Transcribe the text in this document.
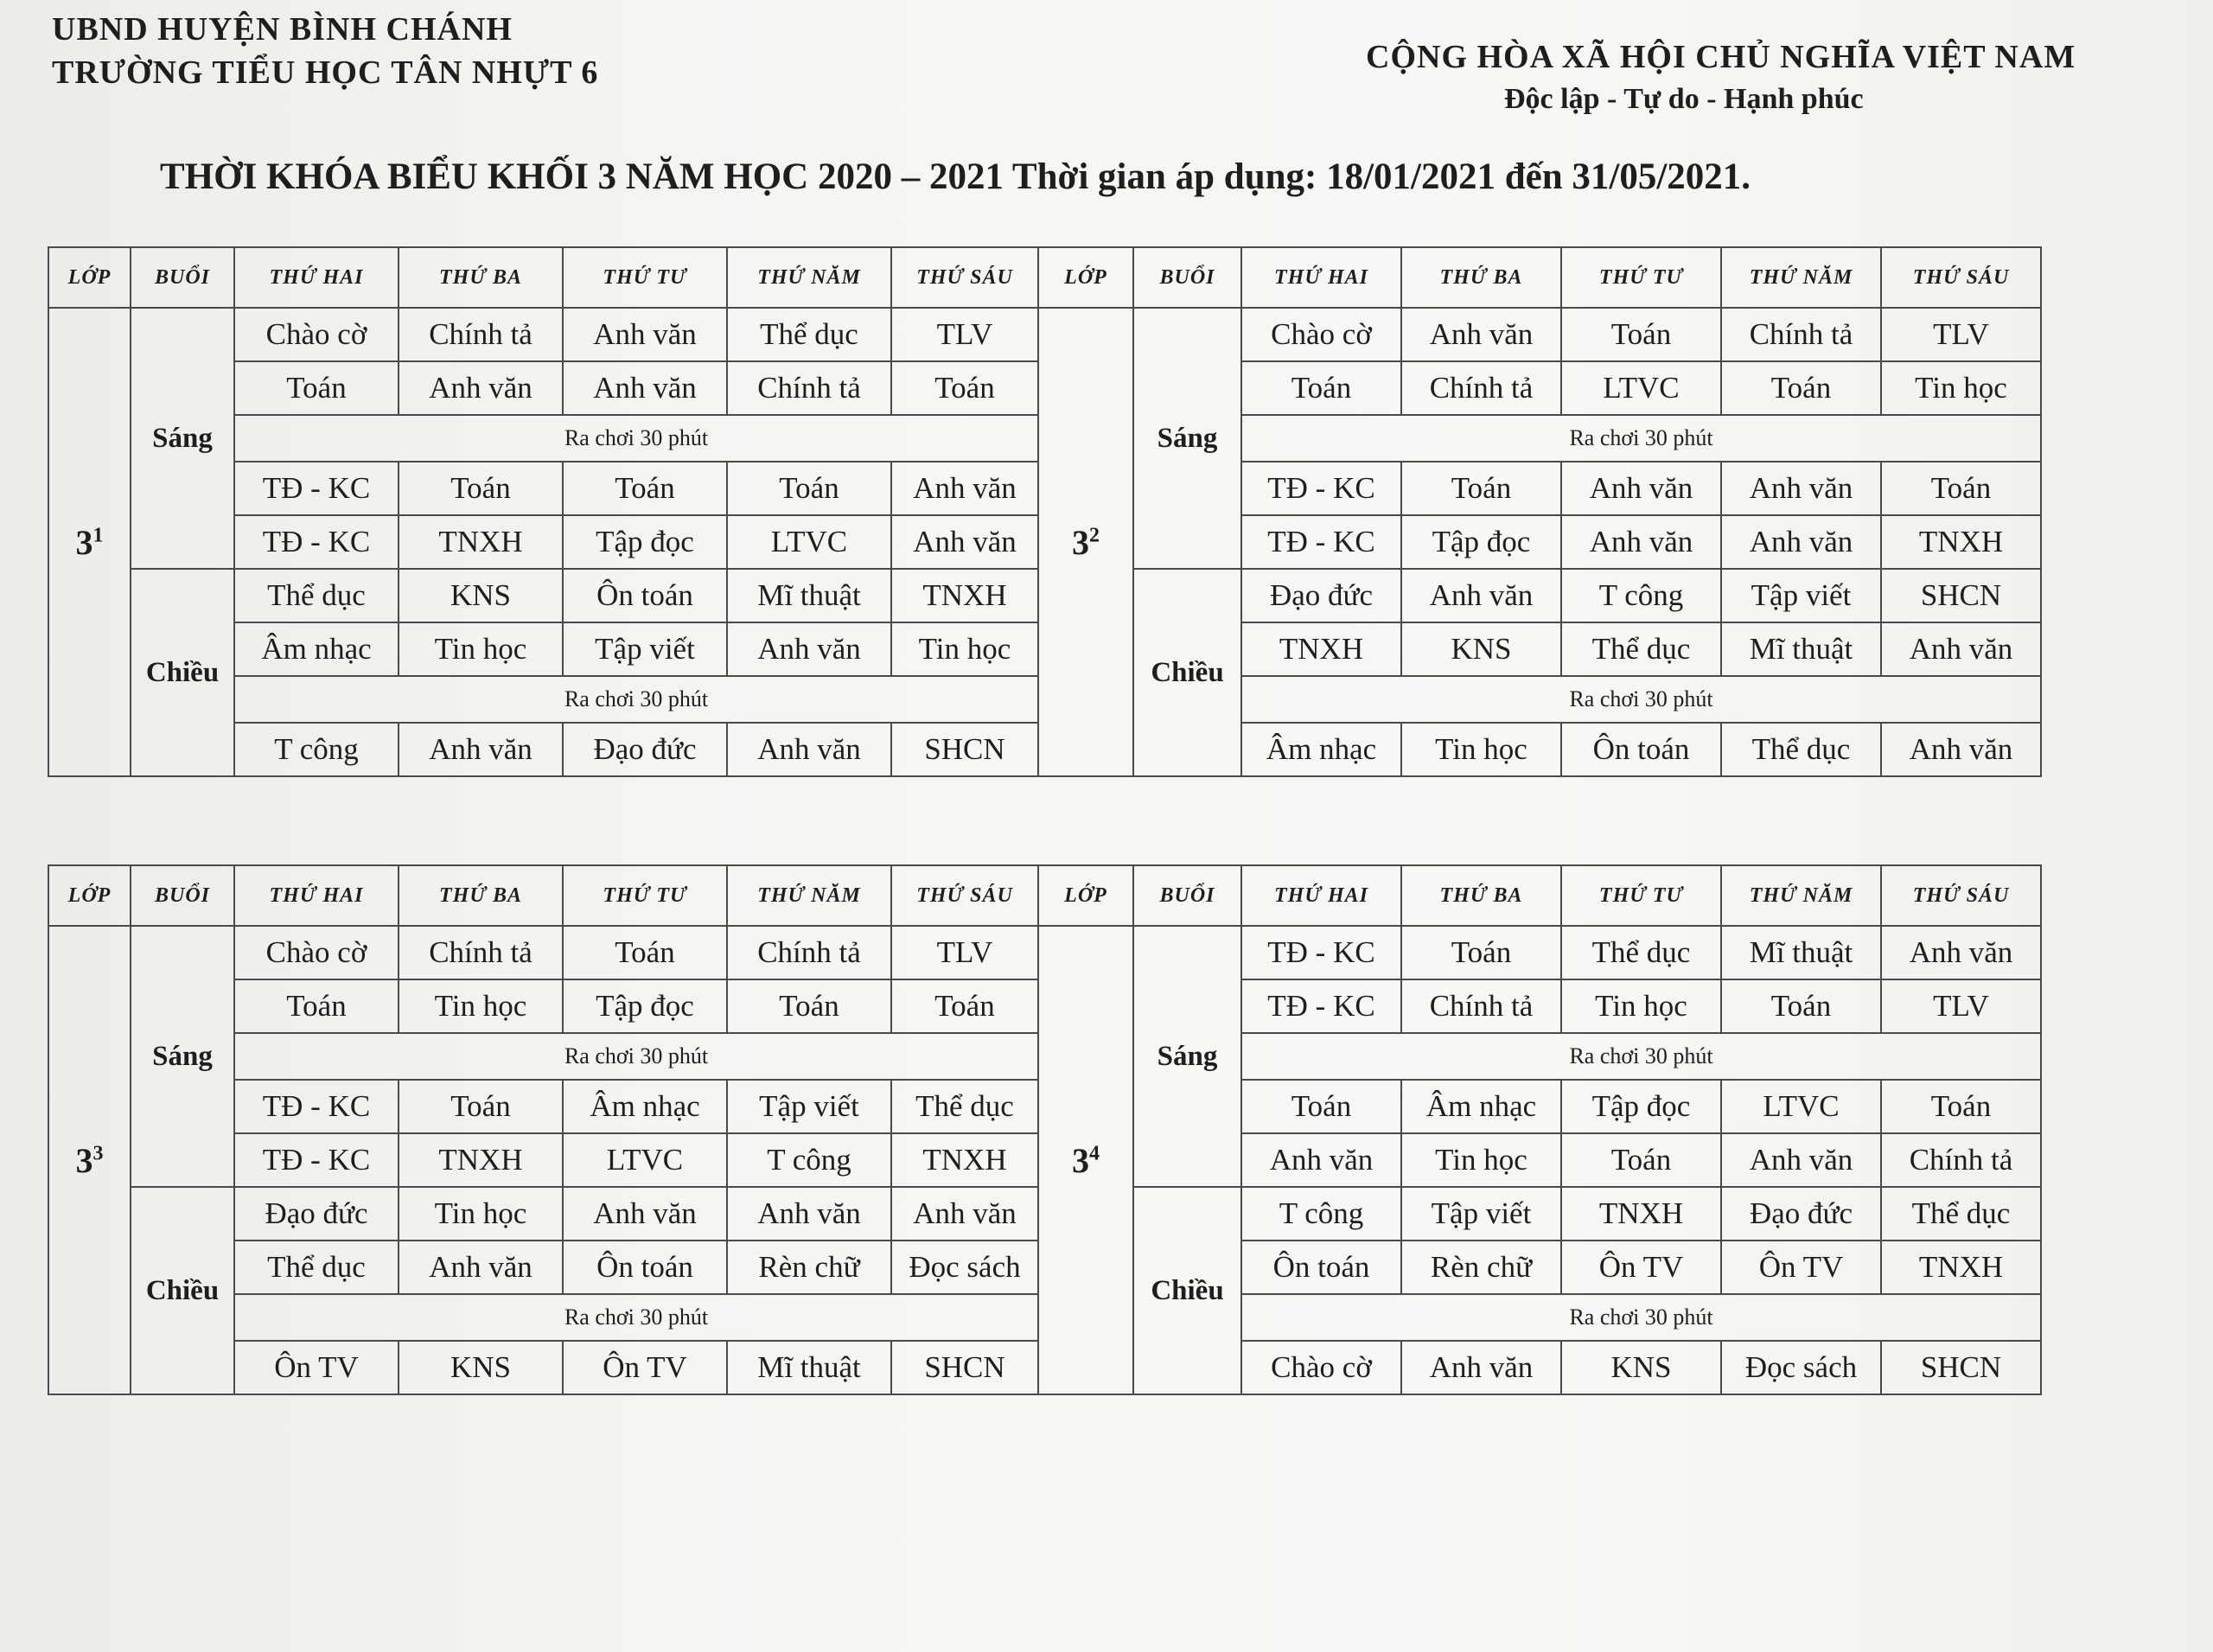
UBND HUYỆN BÌNH CHÁNH
TRƯỜNG TIỂU HỌC TÂN NHỰT 6	CỘNG HÒA XÃ HỘI CHỦ NGHĨA VIỆT NAM
Độc lập - Tự do - Hạnh phúc
THỜI KHÓA BIỂU KHỐI 3 NĂM HỌC 2020 – 2021 Thời gian áp dụng: 18/01/2021 đến 31/05/2021.
LỚP	BUỔI	THỨ HAI	THỨ BA	THỨ TƯ	THỨ NĂM	THỨ SÁU	LỚP	BUỔI	THỨ HAI	THỨ BA	THỨ TƯ	THỨ NĂM	THỨ SÁU
$3^1$	Sáng	Chào cờ	Chính tả	Anh văn	Thể dục	TLV	$3^2$	Sáng	Chào cờ	Anh văn	Toán	Chính tả	TLV
		Toán	Anh văn	Anh văn	Chính tả	Toán			Toán	Chính tả	LTVC	Toán	Tin học
		Ra chơi 30 phút							Ra chơi 30 phút				
		TĐ - KC	Toán	Toán	Toán	Anh văn			TĐ - KC	Toán	Anh văn	Anh văn	Toán
		TĐ - KC	TNXH	Tập đọc	LTVC	Anh văn			TĐ - KC	Tập đọc	Anh văn	Anh văn	TNXH
	Chiều	Thể dục	KNS	Ôn toán	Mĩ thuật	TNXH		Chiều	Đạo đức	Anh văn	T công	Tập viết	SHCN
		Âm nhạc	Tin học	Tập viết	Anh văn	Tin học			TNXH	KNS	Thể dục	Mĩ thuật	Anh văn
		Ra chơi 30 phút							Ra chơi 30 phút				
		T công	Anh văn	Đạo đức	Anh văn	SHCN			Âm nhạc	Tin học	Ôn toán	Thể dục	Anh văn
LỚP	BUỔI	THỨ HAI	THỨ BA	THỨ TƯ	THỨ NĂM	THỨ SÁU	LỚP	BUỔI	THỨ HAI	THỨ BA	THỨ TƯ	THỨ NĂM	THỨ SÁU
$3^3$	Sáng	Chào cờ	Chính tả	Toán	Chính tả	TLV	$3^4$	Sáng	TĐ - KC	Toán	Thể dục	Mĩ thuật	Anh văn
		Toán	Tin học	Tập đọc	Toán	Toán			TĐ - KC	Chính tả	Tin học	Toán	TLV
		Ra chơi 30 phút							Ra chơi 30 phút				
		TĐ - KC	Toán	Âm nhạc	Tập viết	Thể dục			Toán	Âm nhạc	Tập đọc	LTVC	Toán
		TĐ - KC	TNXH	LTVC	T công	TNXH			Anh văn	Tin học	Toán	Anh văn	Chính tả
	Chiều	Đạo đức	Tin học	Anh văn	Anh văn	Anh văn		Chiều	T công	Tập viết	TNXH	Đạo đức	Thể dục
		Thể dục	Anh văn	Ôn toán	Rèn chữ	Đọc sách			Ôn toán	Rèn chữ	Ôn TV	Ôn TV	TNXH
		Ra chơi 30 phút							Ra chơi 30 phút				
		Ôn TV	KNS	Ôn TV	Mĩ thuật	SHCN			Chào cờ	Anh văn	KNS	Đọc sách	SHCN
